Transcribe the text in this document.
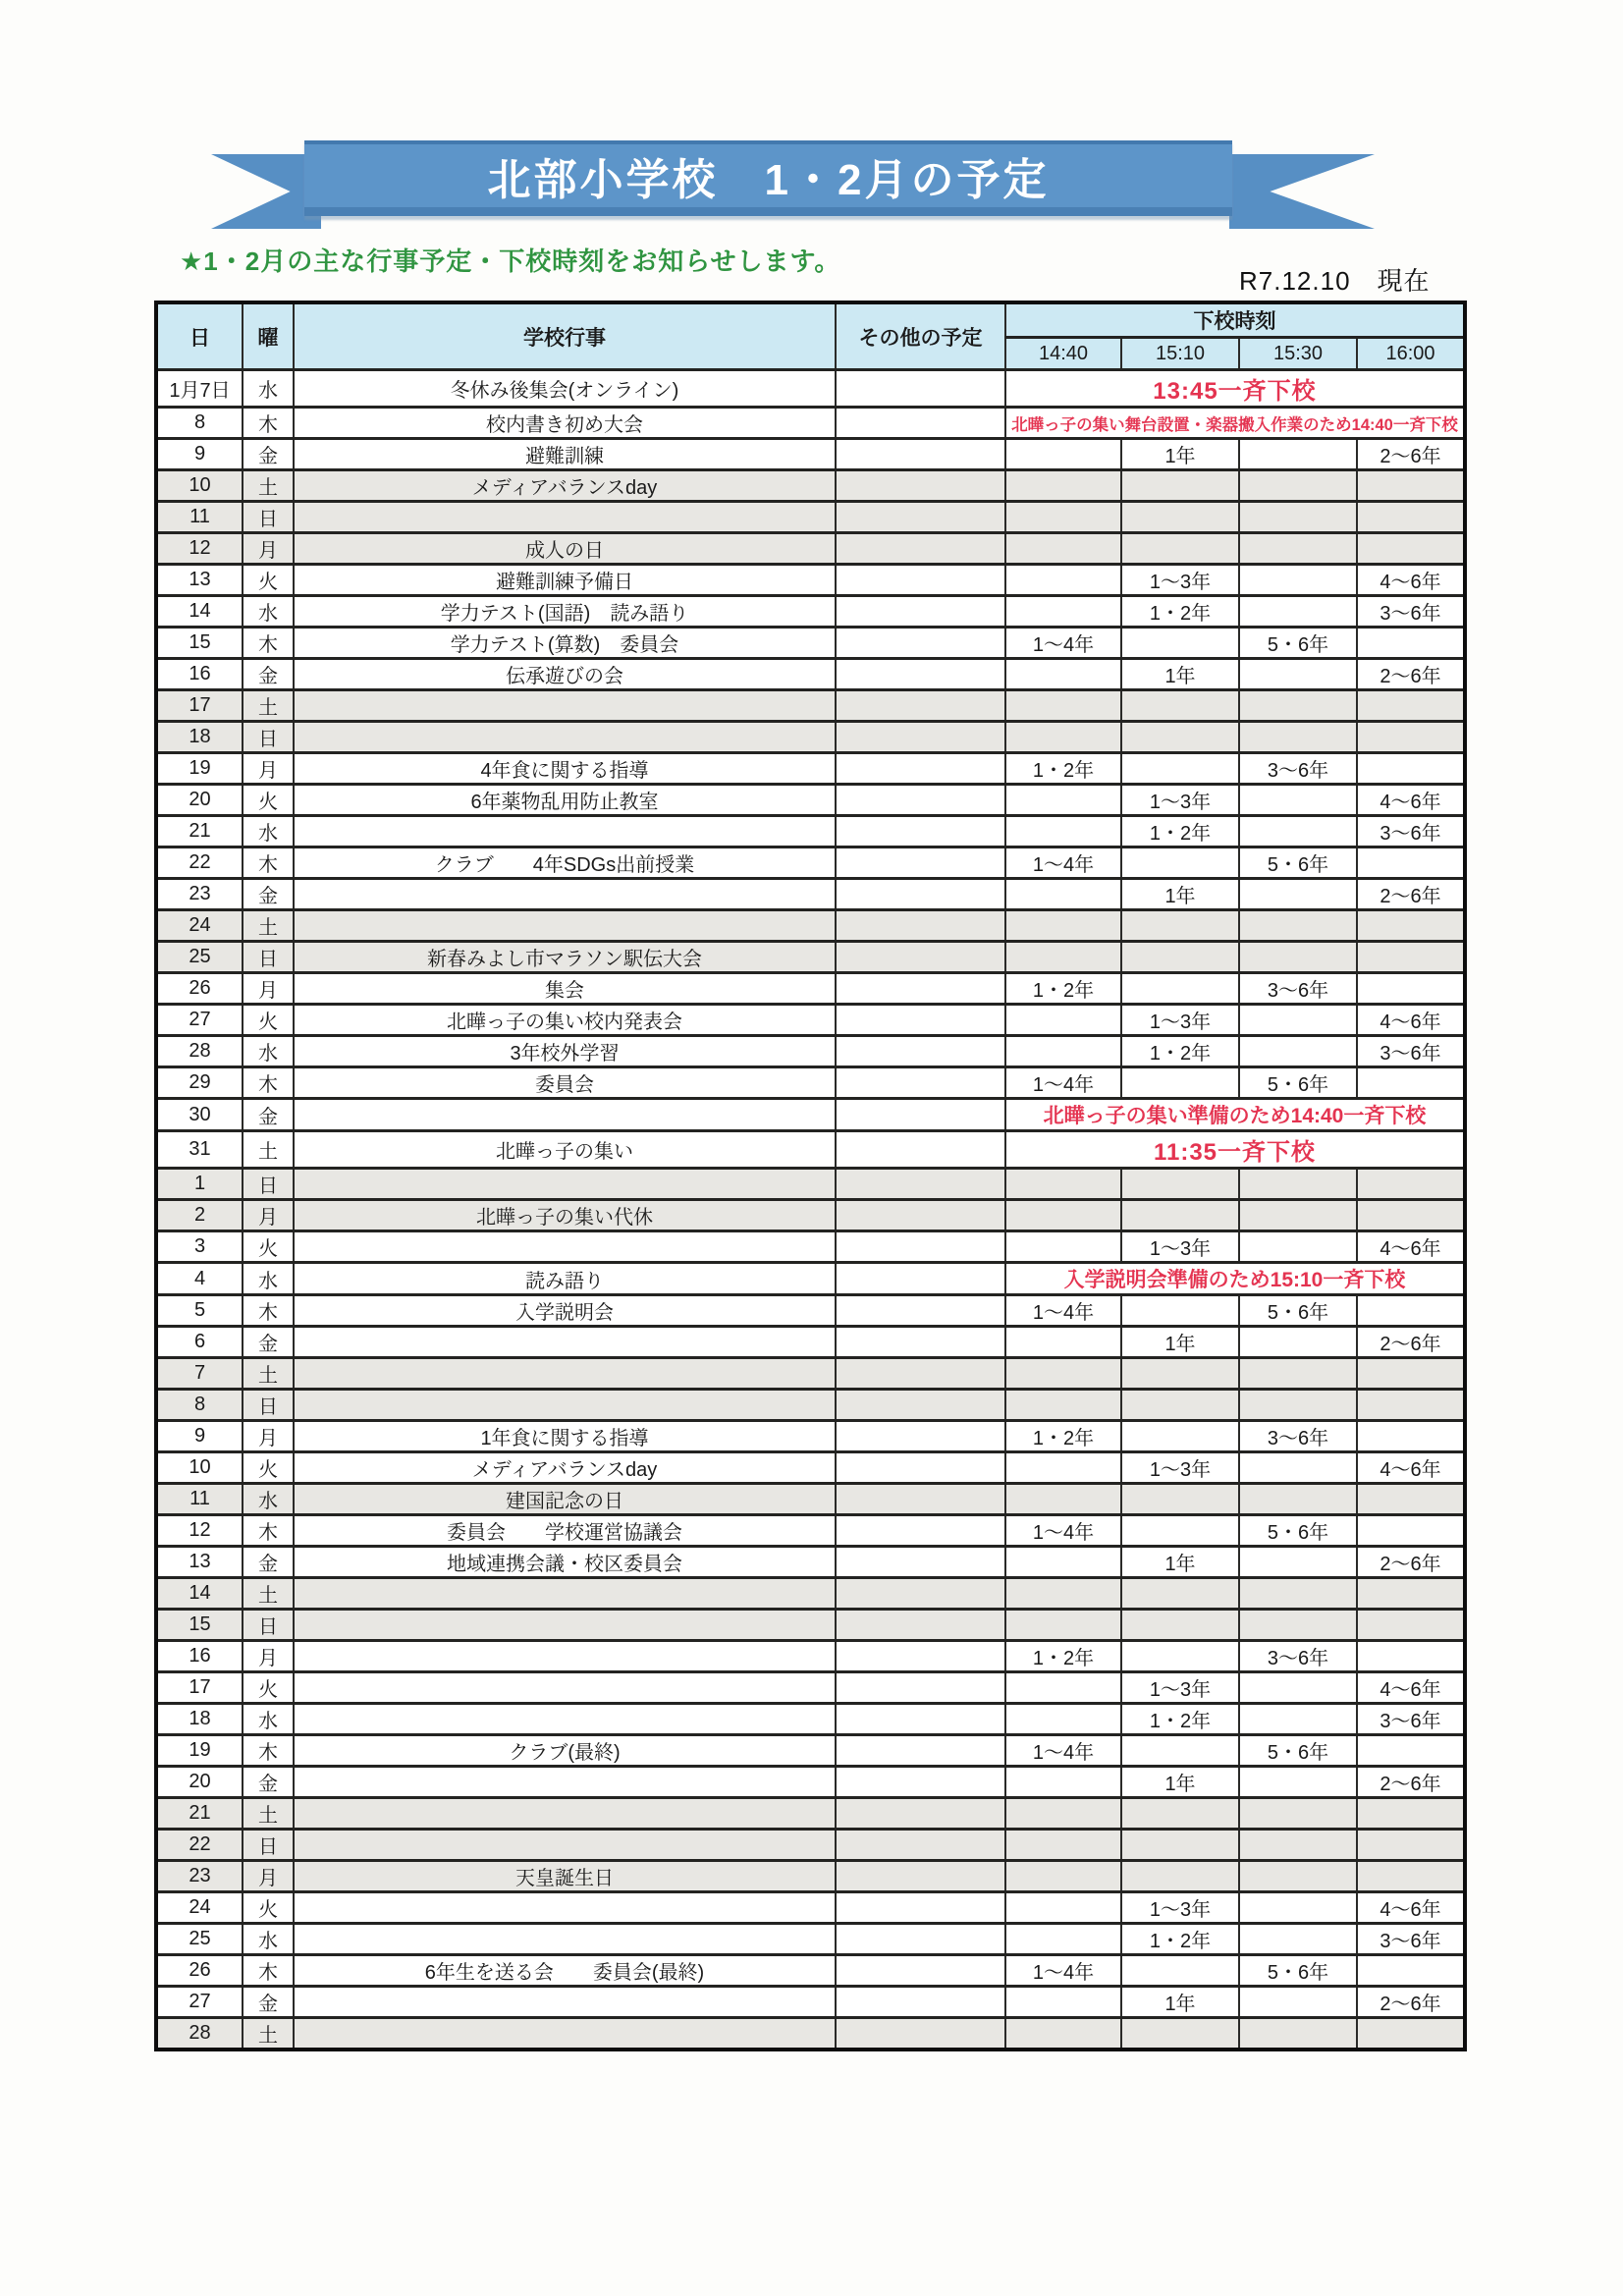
北部小学校　1・2月の予定
★1・2月の主な行事予定・下校時刻をお知らせします。
R7.12.10　現在
日	曜	学校行事	その他の予定	下校時刻			
				14:40	15:10	15:30	16:00
1月7日	水	冬休み後集会(オンライン)		13:45一斉下校			
8	木	校内書き初め大会		北曄っ子の集い舞台設置・楽器搬入作業のため14:40一斉下校			
9	金	避難訓練			1年		2～6年
10	土	メディアバランスday					
11	日						
12	月	成人の日					
13	火	避難訓練予備日			1～3年		4～6年
14	水	学力テスト(国語)　読み語り			1・2年		3～6年
15	木	学力テスト(算数)　委員会		1～4年		5・6年	
16	金	伝承遊びの会			1年		2～6年
17	土						
18	日						
19	月	4年食に関する指導		1・2年		3～6年	
20	火	6年薬物乱用防止教室			1～3年		4～6年
21	水				1・2年		3～6年
22	木	クラブ　　4年SDGs出前授業		1～4年		5・6年	
23	金				1年		2～6年
24	土						
25	日	新春みよし市マラソン駅伝大会					
26	月	集会		1・2年		3～6年	
27	火	北曄っ子の集い校内発表会			1～3年		4～6年
28	水	3年校外学習			1・2年		3～6年
29	木	委員会		1～4年		5・6年	
30	金			北曄っ子の集い準備のため14:40一斉下校			
31	土	北曄っ子の集い		11:35一斉下校			
1	日						
2	月	北曄っ子の集い代休					
3	火				1～3年		4～6年
4	水	読み語り		入学説明会準備のため15:10一斉下校			
5	木	入学説明会		1～4年		5・6年	
6	金				1年		2～6年
7	土						
8	日						
9	月	1年食に関する指導		1・2年		3～6年	
10	火	メディアバランスday			1～3年		4～6年
11	水	建国記念の日					
12	木	委員会　　学校運営協議会		1～4年		5・6年	
13	金	地域連携会議・校区委員会			1年		2～6年
14	土						
15	日						
16	月			1・2年		3～6年	
17	火				1～3年		4～6年
18	水				1・2年		3～6年
19	木	クラブ(最終)		1～4年		5・6年	
20	金				1年		2～6年
21	土						
22	日						
23	月	天皇誕生日					
24	火				1～3年		4～6年
25	水				1・2年		3～6年
26	木	6年生を送る会　　委員会(最終)		1～4年		5・6年	
27	金				1年		2～6年
28	土						
